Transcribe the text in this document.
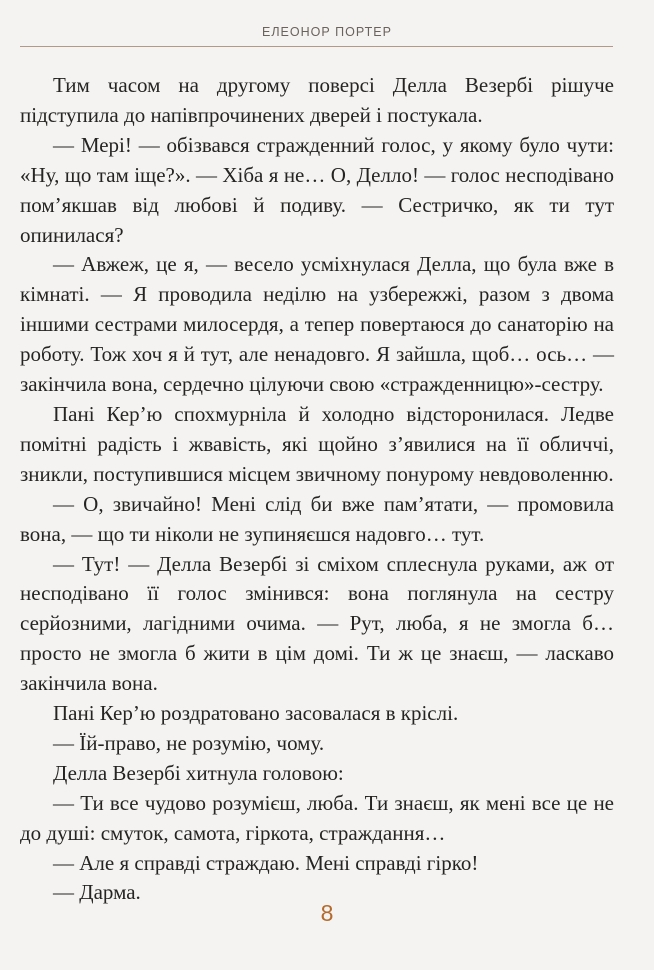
ЕЛЕОНОР ПОРТЕР

Тим часом на другому поверсі Делла Везербі рішуче підступила до напівпрочинених дверей і постукала.

— Мері! — обізвався стражденний голос, у якому було чути: «Ну, що там іще?». — Хіба я не… О, Делло! — голос несподівано пом’якшав від любові й подиву. — Сестричко, як ти тут опинилася?

— Авжеж, це я, — весело усміхнулася Делла, що була вже в кімнаті. — Я проводила неділю на узбережжі, разом з двома іншими сестрами милосердя, а тепер повертаюся до санаторію на роботу. Тож хоч я й тут, але ненадовго. Я зайшла, щоб… ось… — закінчила вона, сердечно цілуючи свою «стражденницю»-сестру.

Пані Кер’ю спохмурніла й холодно відсторонилася. Ледве помітні радість і жвавість, які щойно з’явилися на її обличчі, зникли, поступившися місцем звичному понурому невдоволенню.

— О, звичайно! Мені слід би вже пам’ятати, — промовила вона, — що ти ніколи не зупиняєшся надовго… тут.

— Тут! — Делла Везербі зі сміхом сплеснула руками, аж от несподівано її голос змінився: вона поглянула на сестру серйозними, лагідними очима. — Рут, люба, я не змогла б… просто не змогла б жити в цім домі. Ти ж це знаєш, — ласкаво закінчила вона.

Пані Кер’ю роздратовано засовалася в кріслі.

— Їй-право, не розумію, чому.

Делла Везербі хитнула головою:

— Ти все чудово розумієш, люба. Ти знаєш, як мені все це не до душі: смуток, самота, гіркота, страждання…

— Але я справді страждаю. Мені справді гірко!

— Дарма.

8
